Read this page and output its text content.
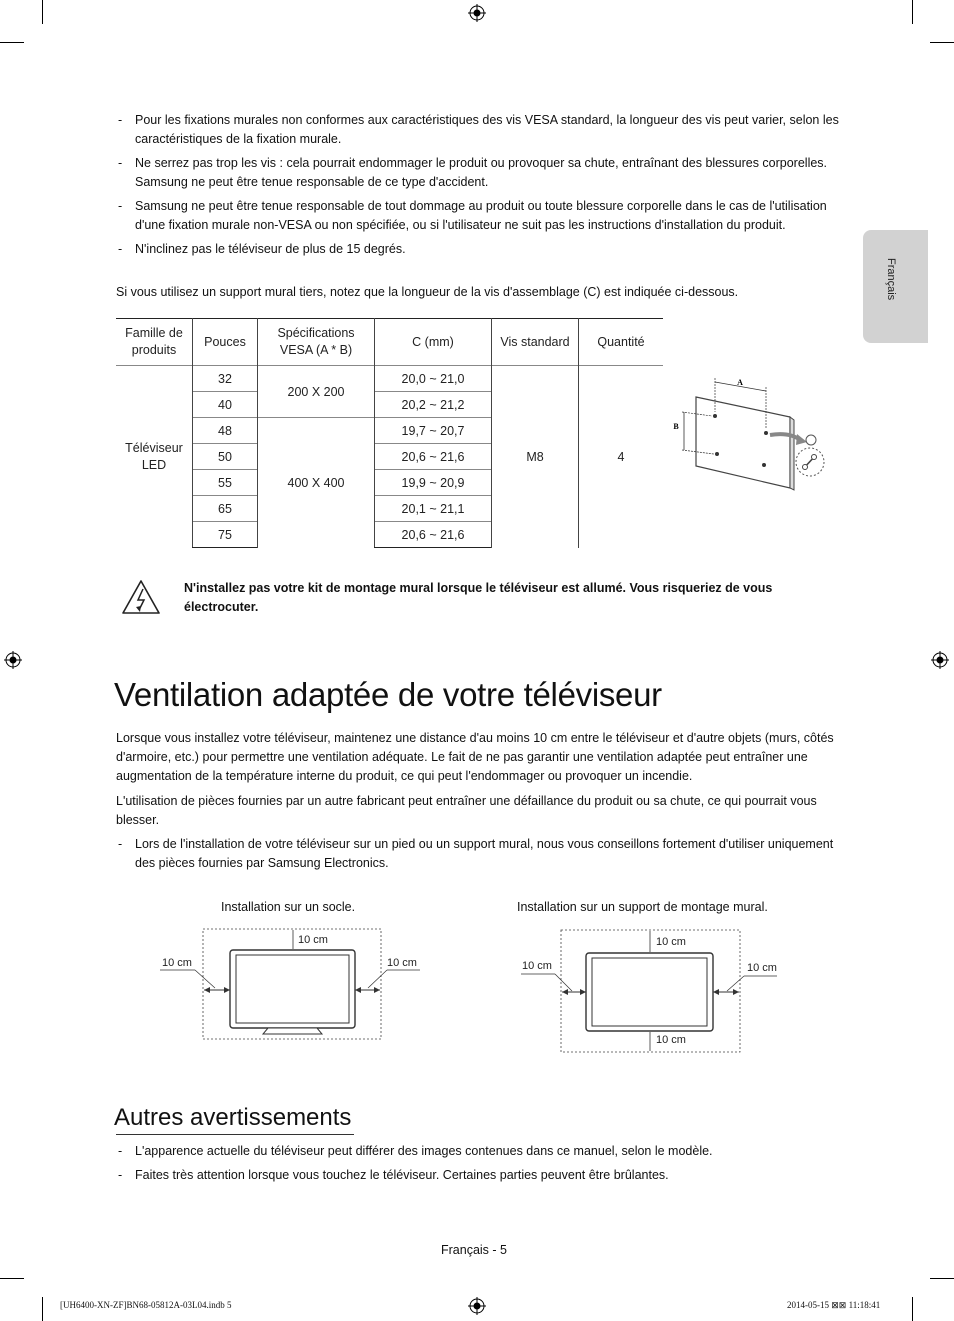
Français
- Pour les fixations murales non conformes aux caractéristiques des vis VESA standard, la longueur des vis peut varier, selon les caractéristiques de la fixation murale.
- Ne serrez pas trop les vis : cela pourrait endommager le produit ou provoquer sa chute, entraînant des blessures corporelles. Samsung ne peut être tenue responsable de ce type d'accident.
- Samsung ne peut être tenue responsable de tout dommage au produit ou toute blessure corporelle dans le cas de l'utilisation d'une fixation murale non-VESA ou non spécifiée, ou si l'utilisateur ne suit pas les instructions d'installation du produit.
- N'inclinez pas le téléviseur de plus de 15 degrés.
Si vous utilisez un support mural tiers, notez que la longueur de la vis d'assemblage (C) est indiquée ci-dessous.
Famille de produits	Pouces	Spécifications VESA (A * B)	C (mm)	Vis standard	Quantité
Téléviseur LED	32	200 X 200	20,0 ~ 21,0	M8	4
	40		20,2 ~ 21,2		
	48	400 X 400	19,7 ~ 20,7		
	50		20,6 ~ 21,6		
	55		19,9 ~ 20,9		
	65		20,1 ~ 21,1		
	75		20,6 ~ 21,6		
A
B
N'installez pas votre kit de montage mural lorsque le téléviseur est allumé. Vous risqueriez de vous électrocuter.
Ventilation adaptée de votre téléviseur
Lorsque vous installez votre téléviseur, maintenez une distance d'au moins 10 cm entre le téléviseur et d'autre objets (murs, côtés d'armoire, etc.) pour permettre une ventilation adéquate. Le fait de ne pas garantir une ventilation adaptée peut entraîner une augmentation de la température interne du produit, ce qui peut l'endommager ou provoquer un incendie.
L'utilisation de pièces fournies par un autre fabricant peut entraîner une défaillance du produit ou sa chute, ce qui pourrait vous blesser.
- Lors de l'installation de votre téléviseur sur un pied ou un support mural, nous vous conseillons fortement d'utiliser uniquement des pièces fournies par Samsung Electronics.
Installation sur un socle.	Installation sur un support de montage mural.
10 cm
10 cm	10 cm
10 cm
10 cm	10 cm
10 cm
Autres avertissements
- L'apparence actuelle du téléviseur peut différer des images contenues dans ce manuel, selon le modèle.
- Faites très attention lorsque vous touchez le téléviseur. Certaines parties peuvent être brûlantes.
Français - 5
[UH6400-XN-ZF]BN68-05812A-03L04.indb 5	2014-05-15 ⊠⊠ 11:18:41
